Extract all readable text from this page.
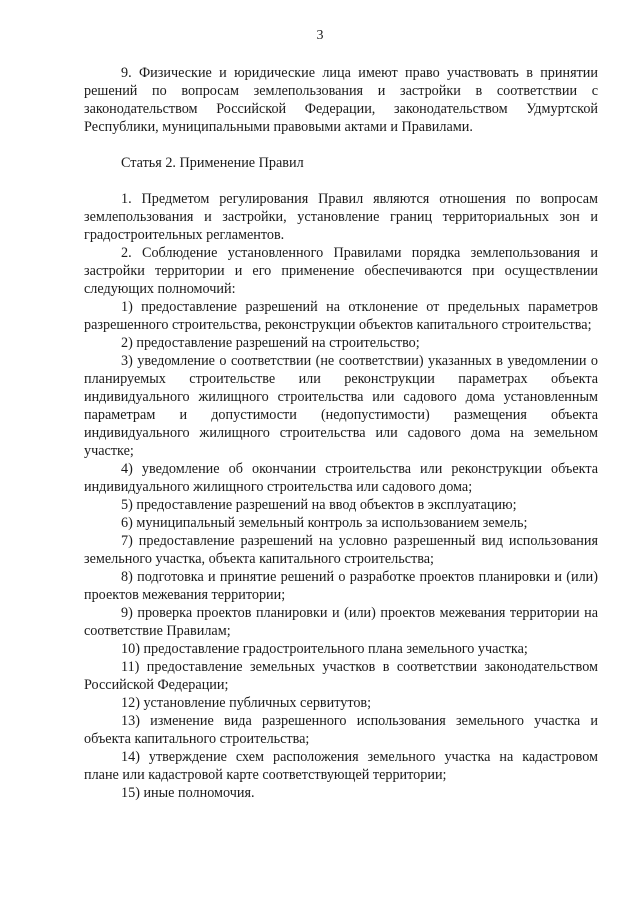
3

9. Физические и юридические лица имеют право участвовать в принятии решений по вопросам землепользования и застройки в соответствии с законодательством Российской Федерации, законодательством Удмуртской Республики, муниципальными правовыми актами и Правилами.

Статья 2. Применение Правил

1. Предметом регулирования Правил являются отношения по вопросам землепользования и застройки, установление границ территориальных зон и градостроительных регламентов.

2. Соблюдение установленного Правилами порядка землепользования и застройки территории и его применение обеспечиваются при осуществлении следующих полномочий:

1) предоставление разрешений на отклонение от предельных параметров разрешенного строительства, реконструкции объектов капитального строительства;

2) предоставление разрешений на строительство;

3) уведомление о соответствии (не соответствии) указанных в уведомлении о планируемых строительстве или реконструкции параметрах объекта индивидуального жилищного строительства или садового дома установленным параметрам и допустимости (недопустимости) размещения объекта индивидуального жилищного строительства или садового дома на земельном участке;

4) уведомление об окончании строительства или реконструкции объекта индивидуального жилищного строительства или садового дома;

5) предоставление разрешений на ввод объектов в эксплуатацию;

6) муниципальный земельный контроль за использованием земель;

7) предоставление разрешений на условно разрешенный вид использования земельного участка, объекта капитального строительства;

8) подготовка и принятие решений о разработке проектов планировки и (или) проектов межевания территории;

9) проверка проектов планировки и (или) проектов межевания территории на соответствие Правилам;

10) предоставление градостроительного плана земельного участка;

11) предоставление земельных участков в соответствии законодательством Российской Федерации;

12) установление публичных сервитутов;

13) изменение вида разрешенного использования земельного участка и объекта капитального строительства;

14) утверждение схем расположения земельного участка на кадастровом плане или кадастровой карте соответствующей территории;

15) иные полномочия.
